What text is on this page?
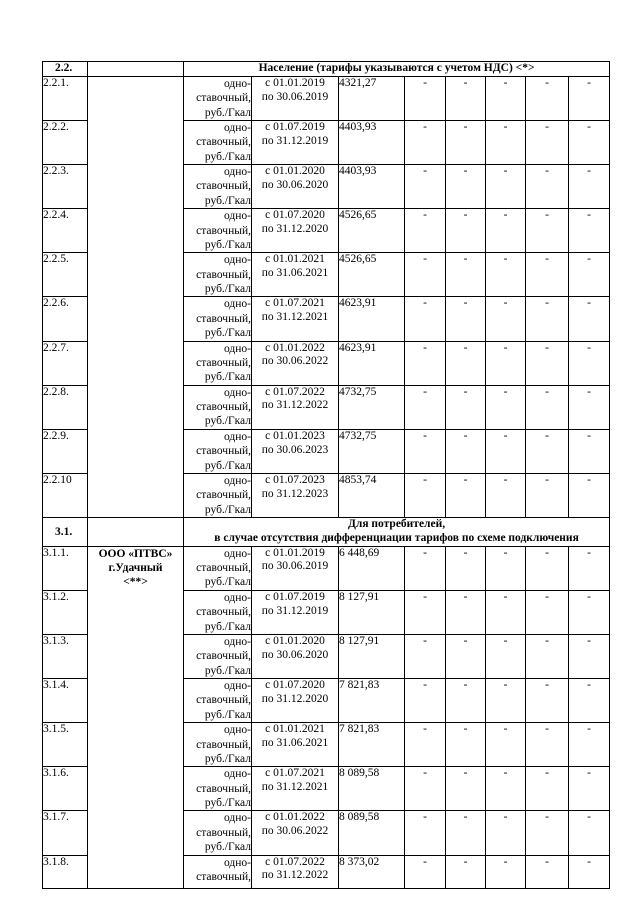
2.2.		Население (тарифы указываются с учетом НДС) <*>							
2.2.1.		одно-
ставочный,
руб./Гкал	с 01.01.2019
по 30.06.2019	4321,27	-	-	-	-	-
2.2.2.		одно-
ставочный,
руб./Гкал	с 01.07.2019
по 31.12.2019	4403,93	-	-	-	-	-
2.2.3.		одно-
ставочный,
руб./Гкал	с 01.01.2020
по 30.06.2020	4403,93	-	-	-	-	-
2.2.4.		одно-
ставочный,
руб./Гкал	с 01.07.2020
по 31.12.2020	4526,65	-	-	-	-	-
2.2.5.		одно-
ставочный,
руб./Гкал	с 01.01.2021
по 31.06.2021	4526,65	-	-	-	-	-
2.2.6.		одно-
ставочный,
руб./Гкал	с 01.07.2021
по 31.12.2021	4623,91	-	-	-	-	-
2.2.7.		одно-
ставочный,
руб./Гкал	с 01.01.2022
по 30.06.2022	4623,91	-	-	-	-	-
2.2.8.		одно-
ставочный,
руб./Гкал	с 01.07.2022
по 31.12.2022	4732,75	-	-	-	-	-
2.2.9.		одно-
ставочный,
руб./Гкал	с 01.01.2023
по 30.06.2023	4732,75	-	-	-	-	-
2.2.10		одно-
ставочный,
руб./Гкал	с 01.07.2023
по 31.12.2023	4853,74	-	-	-	-	-
3.1.		Для потребителей,
в случае отсутствия дифференциации тарифов по схеме подключения							

3.1.1.	ООО «ПТВС»
г.Удачный
<**>	одно-
ставочный,
руб./Гкал	с 01.01.2019
по 30.06.2019	6 448,69	-	-	-	-	-
3.1.2.		одно-
ставочный,
руб./Гкал	с 01.07.2019
по 31.12.2019	8 127,91	-	-	-	-	-
3.1.3.		одно-
ставочный,
руб./Гкал	с 01.01.2020
по 30.06.2020	8 127,91	-	-	-	-	-
3.1.4.		одно-
ставочный,
руб./Гкал	с 01.07.2020
по 31.12.2020	7 821,83	-	-	-	-	-
3.1.5.		одно-
ставочный,
руб./Гкал	с 01.01.2021
по 31.06.2021	7 821,83	-	-	-	-	-
3.1.6.		одно-
ставочный,
руб./Гкал	с 01.07.2021
по 31.12.2021	8 089,58	-	-	-	-	-
3.1.7.		одно-
ставочный,
руб./Гкал	с 01.01.2022
по 30.06.2022	8 089,58	-	-	-	-	-
3.1.8.		одно-
ставочный,	с 01.07.2022
по 31.12.2022	8 373,02	-	-	-	-	-
